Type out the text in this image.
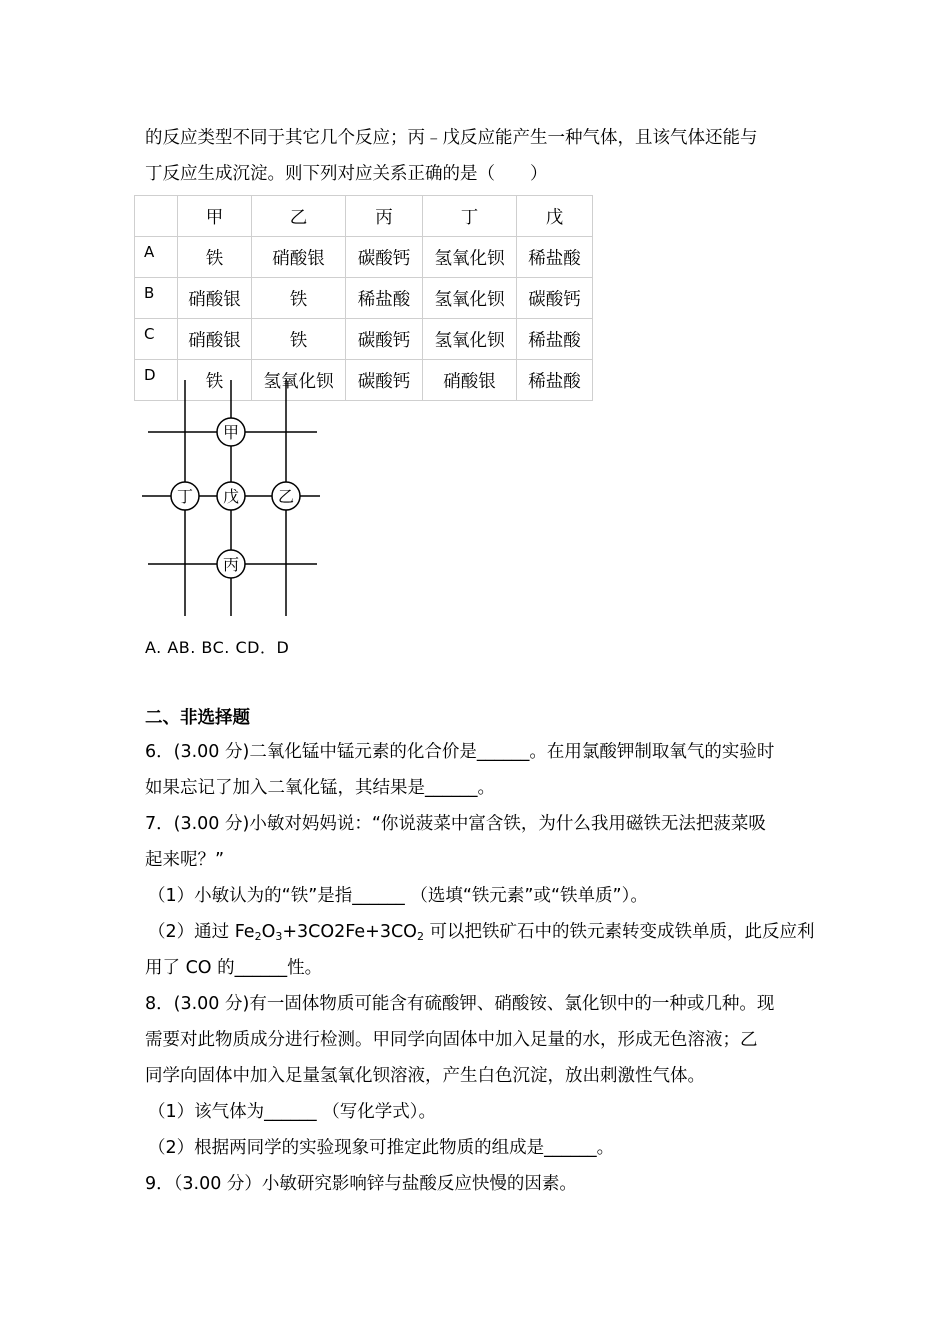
的反应类型不同于其它几个反应；丙﹣戊反应能产生一种气体，且该气体还能与
丁反应生成沉淀。则下列对应关系正确的是（　　）
	甲	乙	丙	丁	戊
A	铁	硝酸银	碳酸钙	氢氧化钡	稀盐酸
B	硝酸银	铁	稀盐酸	氢氧化钡	碳酸钙
C	硝酸银	铁	碳酸钙	氢氧化钡	稀盐酸
D	铁	氢氧化钡	碳酸钙	硝酸银	稀盐酸
甲
丁 戊 乙
丙
A. AB. BC. CD．D
二、非选择题
6．(3.00 分)二氧化锰中锰元素的化合价是______。在用氯酸钾制取氧气的实验时
如果忘记了加入二氧化锰，其结果是______。
7．(3.00 分)小敏对妈妈说：“你说菠菜中富含铁，为什么我用磁铁无法把菠菜吸
起来呢？”
（1）小敏认为的“铁”是指______ （选填“铁元素”或“铁单质”）。
（2）通过 $Fe_2O_3+3CO2Fe+3CO_2$ 可以把铁矿石中的铁元素转变成铁单质，此反应利
用了 CO 的______性。
8．(3.00 分)有一固体物质可能含有硫酸钾、硝酸铵、氯化钡中的一种或几种。现
需要对此物质成分进行检测。甲同学向固体中加入足量的水，形成无色溶液；乙
同学向固体中加入足量氢氧化钡溶液，产生白色沉淀，放出刺激性气体。
（1）该气体为______ （写化学式）。
（2）根据两同学的实验现象可推定此物质的组成是______。
9．（3.00 分）小敏研究影响锌与盐酸反应快慢的因素。
